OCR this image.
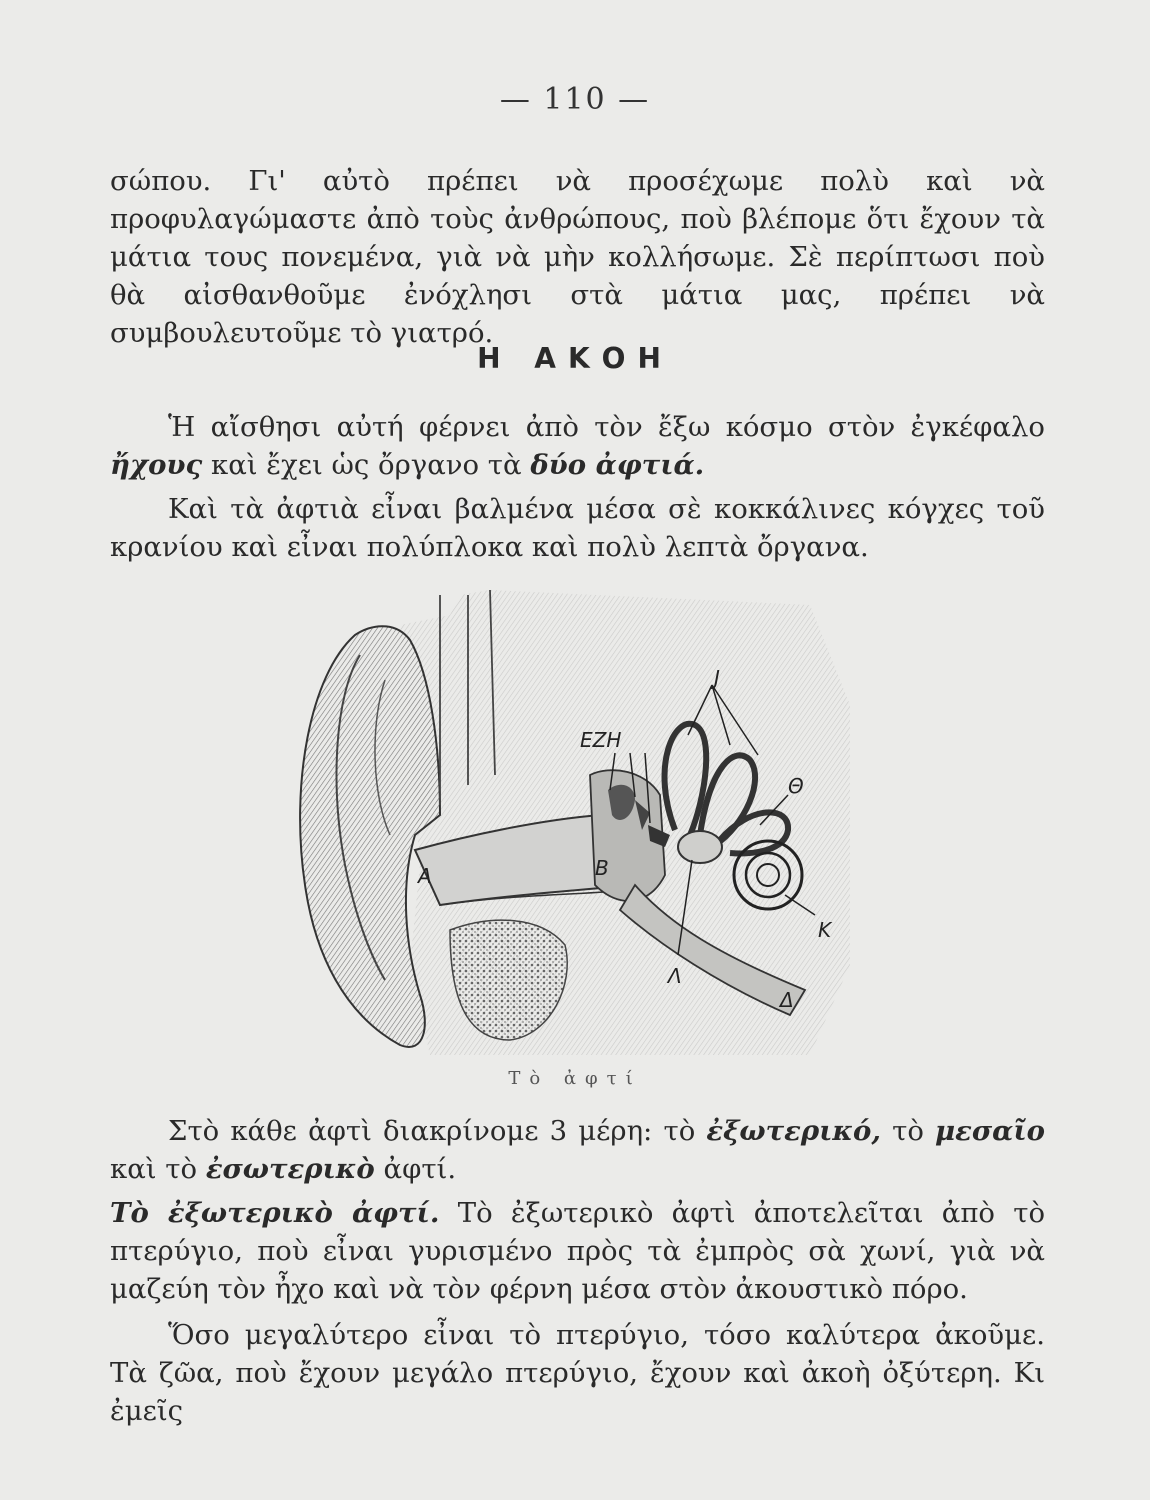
— 110 —

σώπου. Γι' αὐτὸ πρέπει νὰ προσέχωμε πολὺ καὶ νὰ προφυλαγώμαστε ἀπὸ τοὺς ἀνθρώπους, ποὺ βλέπομε ὅτι ἔχουν τὰ μάτια τους πονεμένα, γιὰ νὰ μὴν κολλήσωμε. Σὲ περίπτωσι ποὺ θὰ αἰσθανθοῦμε ἐνόχλησι στὰ μάτια μας, πρέπει νὰ συμβουλευτοῦμε τὸ γιατρό.

Η ΑΚΟΗ

Ἡ αἴσθησι αὐτή φέρνει ἀπὸ τὸν ἔξω κόσμο στὸν ἐγκέφαλο ἤχους καὶ ἔχει ὡς ὄργανο τὰ δύο ἀφτιά.

Καὶ τὰ ἀφτιὰ εἶναι βαλμένα μέσα σὲ κοκκάλινες κόγχες τοῦ κρανίου καὶ εἶναι πολύπλοκα καὶ πολὺ λεπτὰ ὄργανα.

A	B
EZH
J
Θ
K
Λ
Δ
Τὸ ἀφτί

Στὸ κάθε ἀφτὶ διακρίνομε 3 μέρη: τὸ ἐξωτερικό, τὸ μεσαῖο καὶ τὸ ἐσωτερικὸ ἀφτί.

Τὸ ἐξωτερικὸ ἀφτί. Τὸ ἐξωτερικὸ ἀφτὶ ἀποτελεῖται ἀπὸ τὸ πτερύγιο, ποὺ εἶναι γυρισμένο πρὸς τὰ ἐμπρὸς σὰ χωνί, γιὰ νὰ μαζεύη τὸν ἦχο καὶ νὰ τὸν φέρνη μέσα στὸν ἀκουστικὸ πόρο.

Ὅσο μεγαλύτερο εἶναι τὸ πτερύγιο, τόσο καλύτερα ἀκοῦμε. Τὰ ζῶα, ποὺ ἔχουν μεγάλο πτερύγιο, ἔχουν καὶ ἀκοὴ ὀξύτερη. Κι ἐμεῖς
